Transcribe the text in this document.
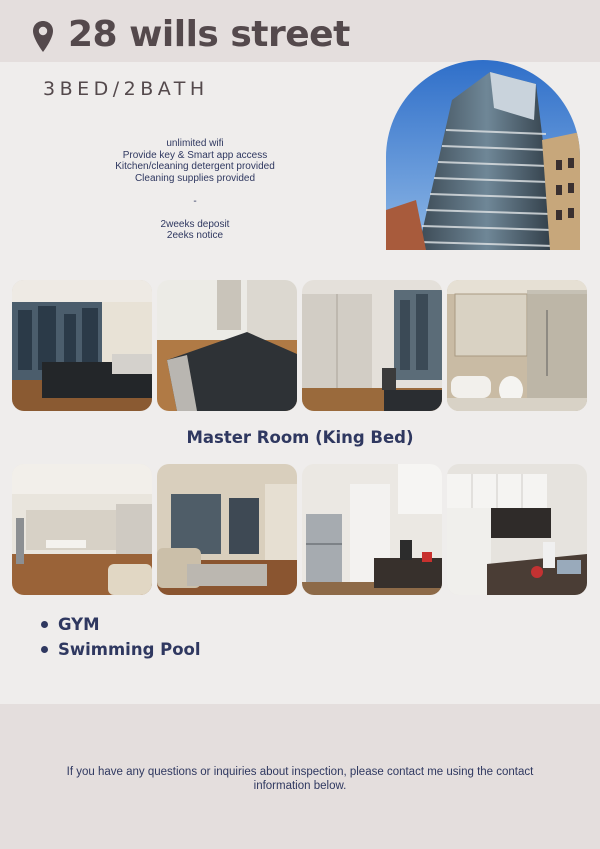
28 wills street
3BED/2BATH
unlimited wifi
Provide key & Smart app access
Kitchen/cleaning detergent provided
Cleaning supplies provided
-
2weeks deposit
2eeks notice
Master Room (King Bed)
GYM
Swimming Pool
If you have any questions or inquiries about inspection, please contact me using the contact information below.
